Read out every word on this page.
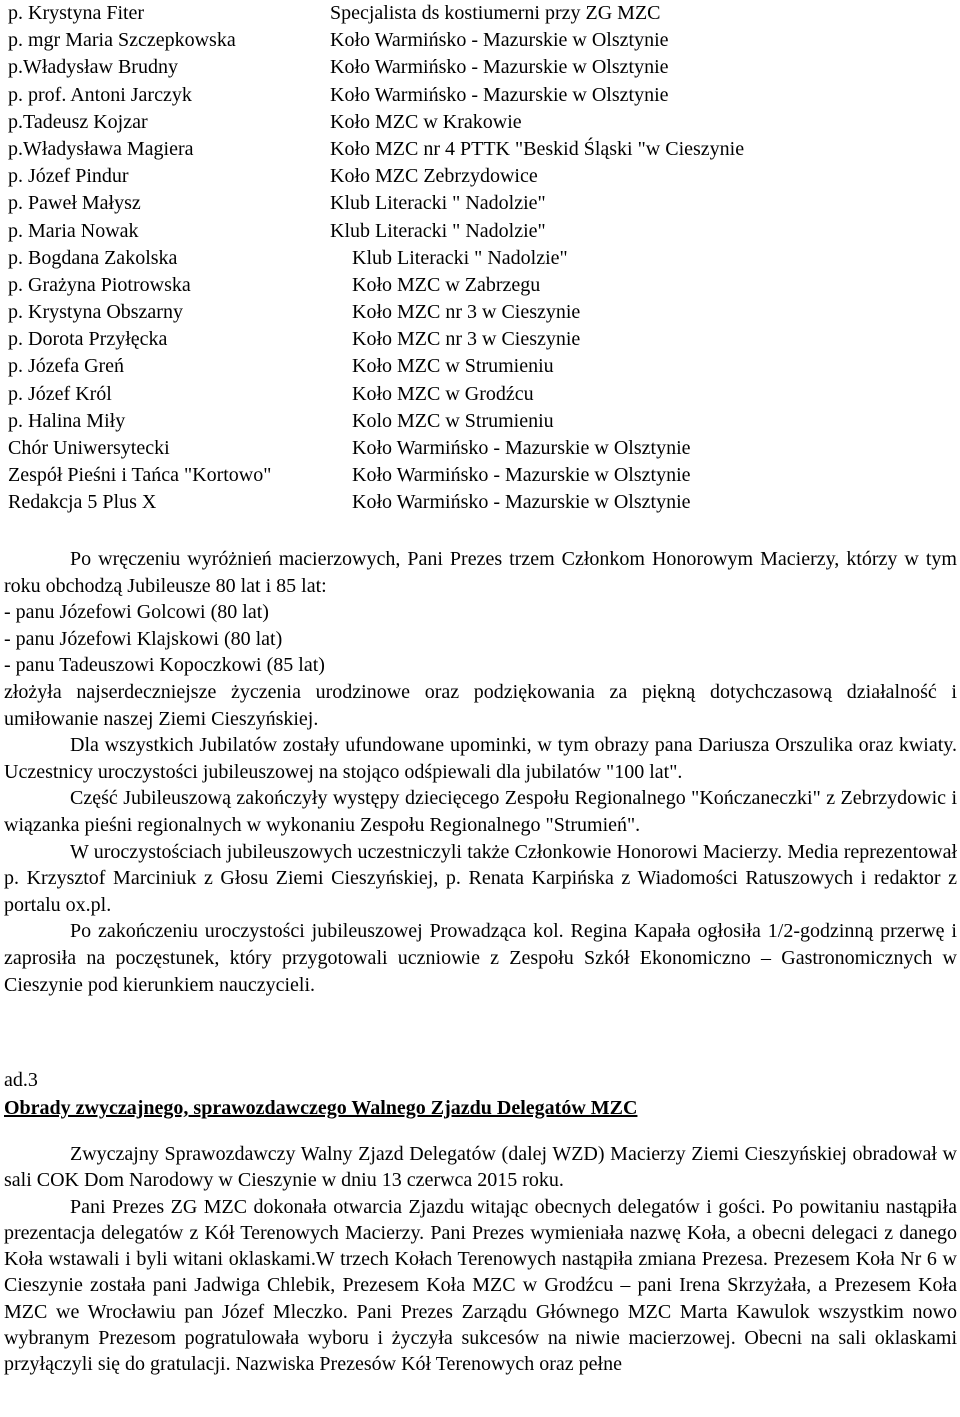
p. Krystyna Fiter	Specjalista ds kostiumerni przy ZG MZC
p. mgr Maria Szczepkowska	Koło Warmińsko - Mazurskie w Olsztynie
p.Władysław Brudny	Koło Warmińsko - Mazurskie w Olsztynie
p. prof. Antoni Jarczyk	Koło Warmińsko - Mazurskie w Olsztynie
p.Tadeusz Kojzar	Koło MZC w Krakowie
p.Władysława Magiera	Koło MZC nr 4 PTTK "Beskid Śląski "w Cieszynie
p. Józef Pindur	Koło MZC Zebrzydowice
p. Paweł Małysz	Klub Literacki " Nadolzie"
p. Maria Nowak	Klub Literacki " Nadolzie"
p. Bogdana Zakolska	Klub Literacki " Nadolzie"
p. Grażyna Piotrowska	Koło MZC w Zabrzegu
p. Krystyna Obszarny	Koło MZC nr 3 w Cieszynie
p. Dorota Przyłęcka	Koło MZC nr 3 w Cieszynie
p. Józefa Greń	Koło MZC w Strumieniu
p. Józef Król	Koło MZC w Grodźcu
p. Halina Miły	Kolo MZC w Strumieniu
Chór Uniwersytecki	Koło Warmińsko - Mazurskie w Olsztynie
Zespół Pieśni i Tańca "Kortowo"	Koło Warmińsko - Mazurskie w Olsztynie
Redakcja 5 Plus X	Koło Warmińsko - Mazurskie w Olsztynie

Po wręczeniu wyróżnień macierzowych, Pani Prezes trzem Członkom Honorowym Macierzy, którzy w tym roku obchodzą Jubileusze 80 lat i 85 lat:

- panu Józefowi Golcowi (80 lat)

- panu Józefowi Klajskowi (80 lat)

- panu Tadeuszowi Kopoczkowi (85 lat)

złożyła najserdeczniejsze życzenia urodzinowe oraz podziękowania za piękną dotychczasową działalność i umiłowanie naszej Ziemi Cieszyńskiej.

Dla wszystkich Jubilatów zostały ufundowane upominki, w tym obrazy pana Dariusza Orszulika oraz kwiaty. Uczestnicy uroczystości jubileuszowej na stojąco odśpiewali dla jubilatów "100 lat".

Część Jubileuszową zakończyły występy dziecięcego Zespołu Regionalnego "Kończaneczki" z Zebrzydowic i wiązanka pieśni regionalnych w wykonaniu Zespołu Regionalnego "Strumień".

W uroczystościach jubileuszowych uczestniczyli także Członkowie Honorowi Macierzy. Media reprezentował p. Krzysztof Marciniuk z Głosu Ziemi Cieszyńskiej, p. Renata Karpińska z Wiadomości Ratuszowych i redaktor z portalu ox.pl.

Po zakończeniu uroczystości jubileuszowej Prowadząca kol. Regina Kapała ogłosiła 1/2-godzinną przerwę i zaprosiła na poczęstunek, który przygotowali uczniowie z Zespołu Szkół Ekonomiczno – Gastronomicznych w Cieszynie pod kierunkiem nauczycieli.

ad.3
Obrady zwyczajnego, sprawozdawczego Walnego Zjazdu Delegatów MZC

Zwyczajny Sprawozdawczy Walny Zjazd Delegatów (dalej WZD) Macierzy Ziemi Cieszyńskiej obradował w sali COK Dom Narodowy w Cieszynie w dniu 13 czerwca 2015 roku.

Pani Prezes ZG MZC dokonała otwarcia Zjazdu witając obecnych delegatów i gości. Po powitaniu nastąpiła prezentacja delegatów z Kół Terenowych Macierzy. Pani Prezes wymieniała nazwę Koła, a obecni delegaci z danego Koła wstawali i byli witani oklaskami.W trzech Kołach Terenowych nastąpiła zmiana Prezesa. Prezesem Koła Nr 6 w Cieszynie została pani Jadwiga Chlebik, Prezesem Koła MZC w Grodźcu – pani Irena Skrzyżała, a Prezesem Koła MZC we Wrocławiu pan Józef Mleczko. Pani Prezes Zarządu Głównego MZC Marta Kawulok wszystkim nowo wybranym Prezesom pogratulowała wyboru i życzyła sukcesów na niwie macierzowej. Obecni na sali oklaskami przyłączyli się do gratulacji. Nazwiska Prezesów Kół Terenowych oraz pełne
